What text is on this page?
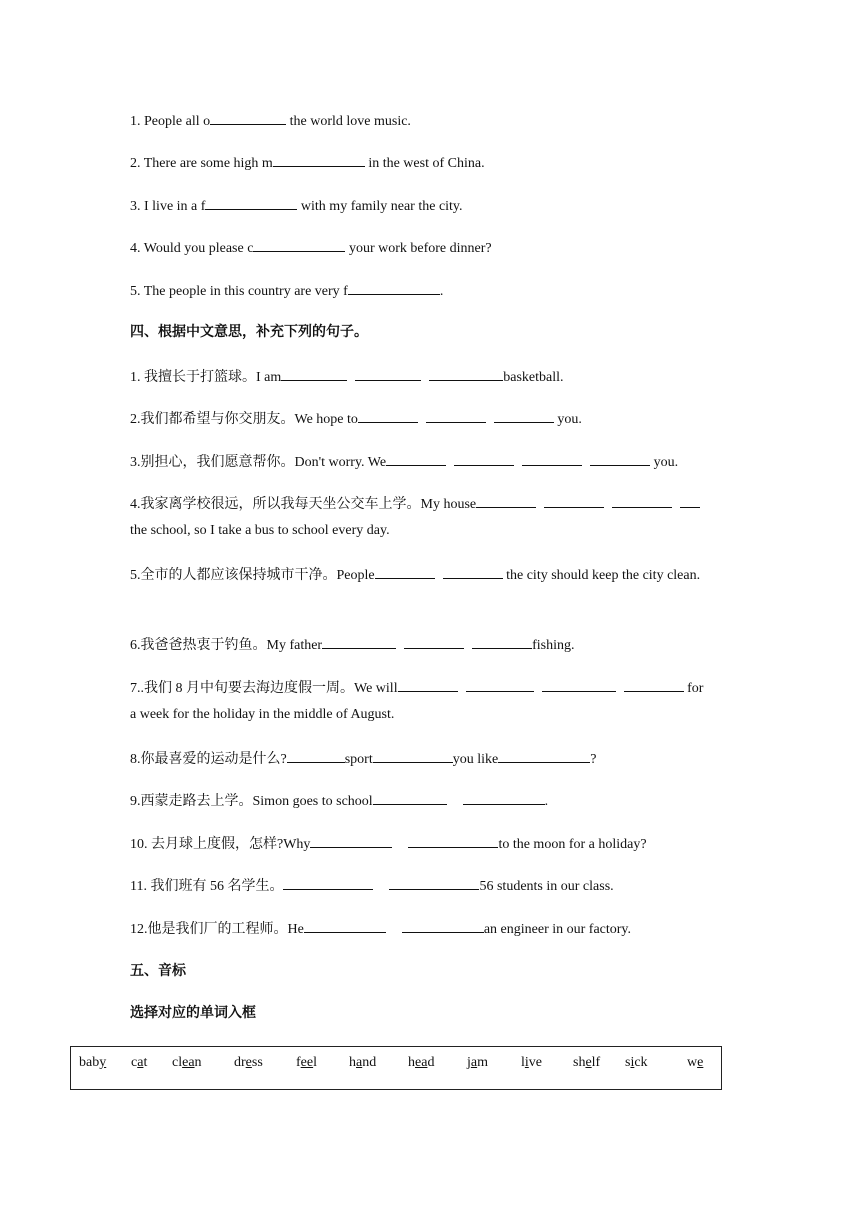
1. People all o	the world love music.
2. There are some high m	in the west of China.
3. I live in a f	with my family near the city.
4. Would you please c	your work before dinner?
5. The people in this country are very f	.
四、根据中文意思，补充下列的句子。
1. 我擅长于打篮球。I am	basketball.
2.我们都希望与你交朋友。We hope to	you.
3.别担心，我们愿意帮你。Don't worry. We	you.
4.我家离学校很远，所以我每天坐公交车上学。My house
the school, so I take a bus to school every day.
5.全市的人都应该保持城市干净。People	the city should keep the city clean.
6.我爸爸热衷于钓鱼。My father	fishing.
7..我们 8 月中旬要去海边度假一周。We will	for
a week for the holiday in the middle of August.
8.你最喜爱的运动是什么?	sport	you like	?
9.西蒙走路去上学。Simon goes to school	.
10. 去月球上度假，怎样?Why	to the moon for a holiday?
11. 我们班有 56 名学生。	56 students in our class.
12.他是我们厂的工程师。He	an engineer in our factory.
五、音标
选择对应的单词入框
baby cat clean dress feel hand head jam live shelf sick	we
